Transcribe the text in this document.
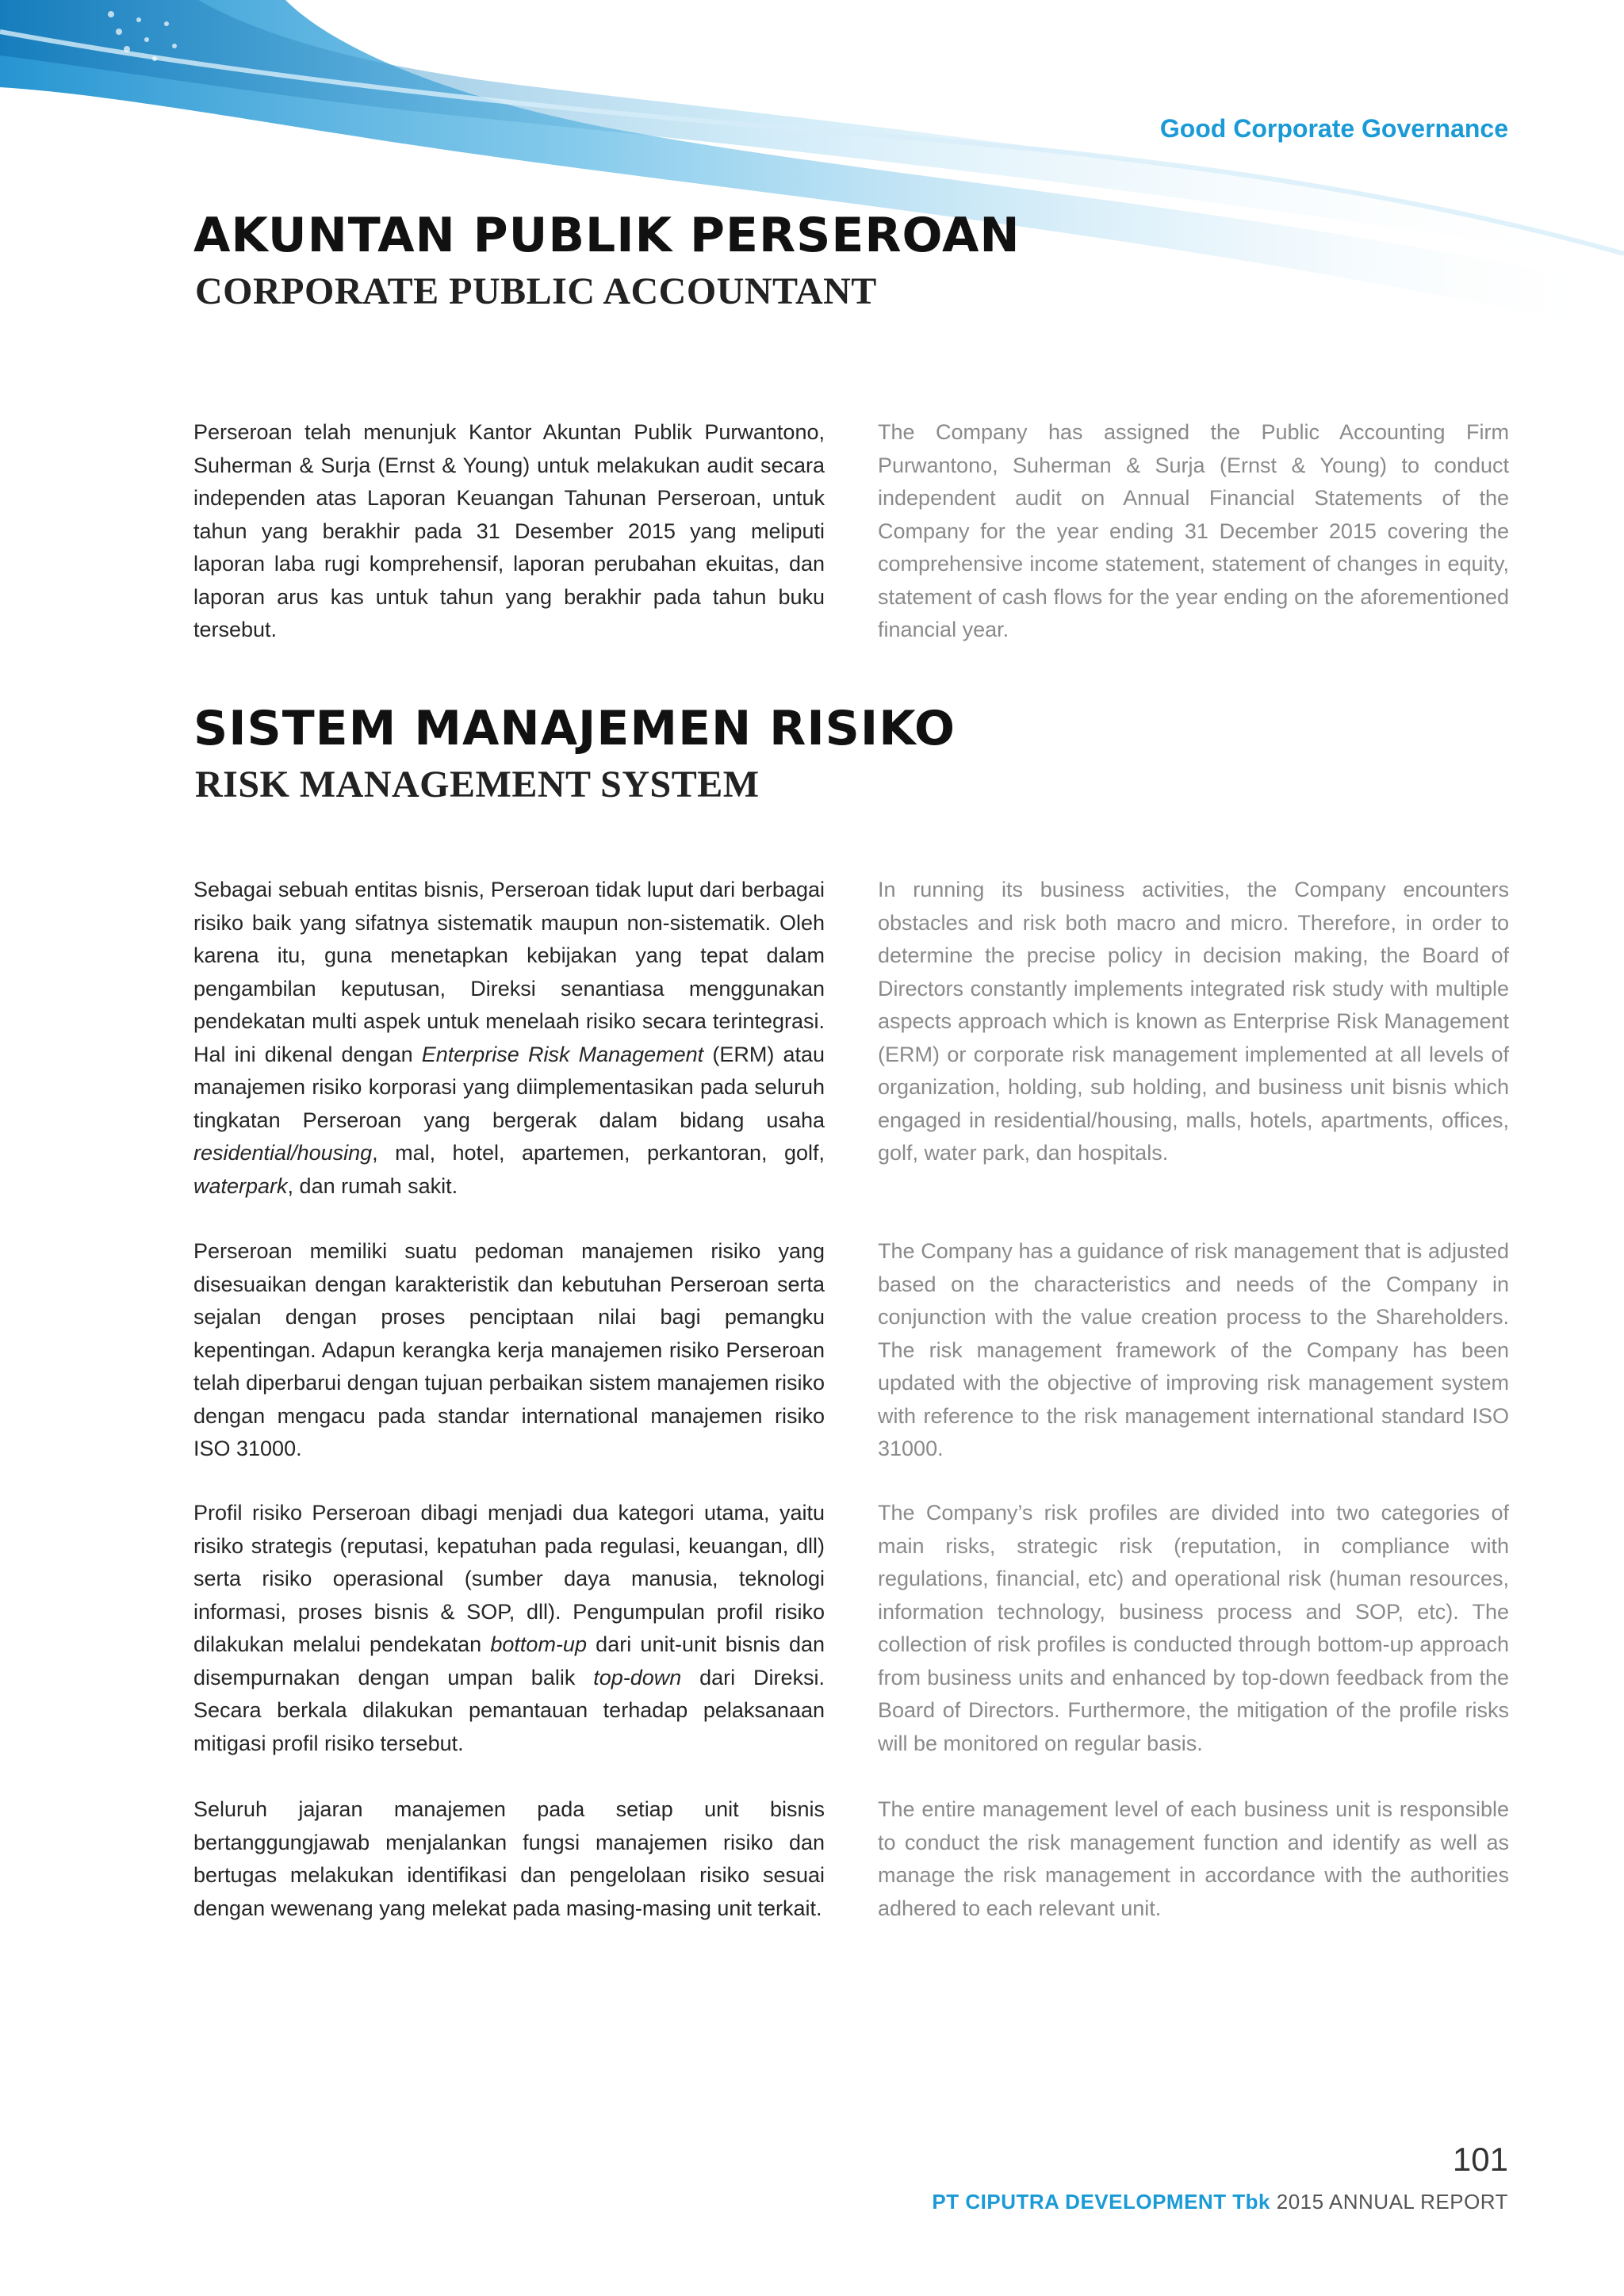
Good Corporate Governance
AKUNTAN PUBLIK PERSEROAN
CORPORATE PUBLIC ACCOUNTANT

Perseroan telah menunjuk Kantor Akuntan Publik Purwantono, Suherman & Surja (Ernst & Young) untuk melakukan audit secara independen atas Laporan Keuangan Tahunan Perseroan, untuk tahun yang berakhir pada 31 Desember 2015 yang meliputi laporan laba rugi komprehensif, laporan perubahan ekuitas, dan laporan arus kas untuk tahun yang berakhir pada tahun buku tersebut.

The Company has assigned the Public Accounting Firm Purwantono, Suherman & Surja (Ernst & Young) to conduct independent audit on Annual Financial Statements of the Company for the year ending 31 December 2015 covering the comprehensive income statement, statement of changes in equity, statement of cash flows for the year ending on the aforementioned financial year.

SISTEM MANAJEMEN RISIKO
RISK MANAGEMENT SYSTEM

Sebagai sebuah entitas bisnis, Perseroan tidak luput dari berbagai risiko baik yang sifatnya sistematik maupun non-sistematik. Oleh karena itu, guna menetapkan kebijakan yang tepat dalam pengambilan keputusan, Direksi senantiasa menggunakan pendekatan multi aspek untuk menelaah risiko secara terintegrasi. Hal ini dikenal dengan Enterprise Risk Management (ERM) atau manajemen risiko korporasi yang diimplementasikan pada seluruh tingkatan Perseroan yang bergerak dalam bidang usaha residential/housing, mal, hotel, apartemen, perkantoran, golf, waterpark, dan rumah sakit.

In running its business activities, the Company encounters obstacles and risk both macro and micro. Therefore, in order to determine the precise policy in decision making, the Board of Directors constantly implements integrated risk study with multiple aspects approach which is known as Enterprise Risk Management (ERM) or corporate risk management implemented at all levels of organization, holding, sub holding, and business unit bisnis which engaged in residential/housing, malls, hotels, apartments, offices, golf, water park, dan hospitals.

Perseroan memiliki suatu pedoman manajemen risiko yang disesuaikan dengan karakteristik dan kebutuhan Perseroan serta sejalan dengan proses penciptaan nilai bagi pemangku kepentingan. Adapun kerangka kerja manajemen risiko Perseroan telah diperbarui dengan tujuan perbaikan sistem manajemen risiko dengan mengacu pada standar international manajemen risiko ISO 31000.

The Company has a guidance of risk management that is adjusted based on the characteristics and needs of the Company in conjunction with the value creation process to the Shareholders. The risk management framework of the Company has been updated with the objective of improving risk management system with reference to the risk management international standard ISO 31000.

Profil risiko Perseroan dibagi menjadi dua kategori utama, yaitu risiko strategis (reputasi, kepatuhan pada regulasi, keuangan, dll) serta risiko operasional (sumber daya manusia, teknologi informasi, proses bisnis & SOP, dll). Pengumpulan profil risiko dilakukan melalui pendekatan bottom-up dari unit-unit bisnis dan disempurnakan dengan umpan balik top-down dari Direksi. Secara berkala dilakukan pemantauan terhadap pelaksanaan mitigasi profil risiko tersebut.

The Company’s risk profiles are divided into two categories of main risks, strategic risk (reputation, in compliance with regulations, financial, etc) and operational risk (human resources, information technology, business process and SOP, etc). The collection of risk profiles is conducted through bottom-up approach from business units and enhanced by top-down feedback from the Board of Directors. Furthermore, the mitigation of the profile risks will be monitored on regular basis.

Seluruh jajaran manajemen pada setiap unit bisnis bertanggungjawab menjalankan fungsi manajemen risiko dan bertugas melakukan identifikasi dan pengelolaan risiko sesuai dengan wewenang yang melekat pada masing-masing unit terkait.

The entire management level of each business unit is responsible to conduct the risk management function and identify as well as manage the risk management in accordance with the authorities adhered to each relevant unit.

101
PT CIPUTRA DEVELOPMENT Tbk 2015 ANNUAL REPORT
